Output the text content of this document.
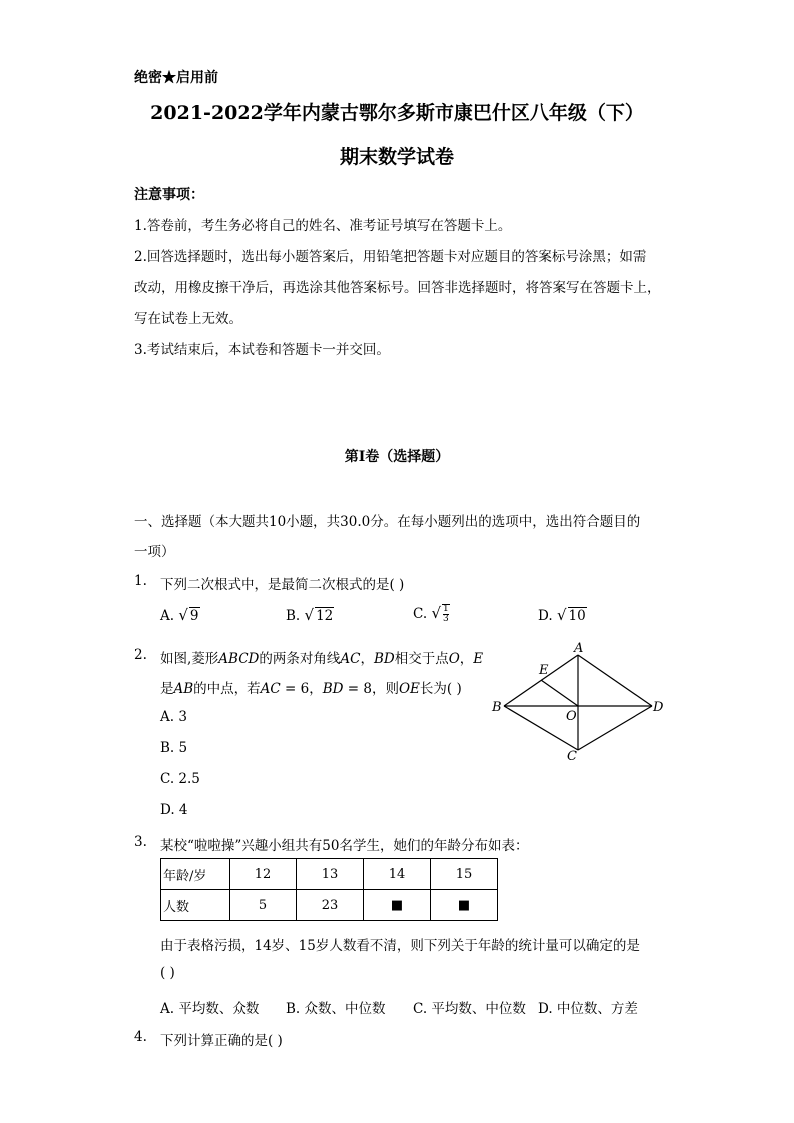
绝密★启用前
2021-2022学年内蒙古鄂尔多斯市康巴什区八年级（下）
期末数学试卷
注意事项：
1.答卷前，考生务必将自己的姓名、准考证号填写在答题卡上。
2.回答选择题时，选出每小题答案后，用铅笔把答题卡对应题目的答案标号涂黑；如需
改动，用橡皮擦干净后，再选涂其他答案标号。回答非选择题时，将答案写在答题卡上，
写在试卷上无效。
3.考试结束后，本试卷和答题卡一并交回。
第I卷（选择题）
一、选择题（本大题共10小题，共30.0分。在每小题列出的选项中，选出符合题目的
一项）
1. 下列二次根式中，是最简二次根式的是( )
A. √ 9	B. √ 12	C. √ $\frac{1}{3}$	D. √ 10
2. 如图,菱形ABCD的两条对角线AC，BD相交于点O，E
是AB的中点，若AC = 6，BD = 8，则OE长为( )
A. 3
B. 5
C. 2.5
D. 4
A
B
C
D
E
O
3. 某校“啦啦操”兴趣小组共有50名学生，她们的年龄分布如表：
年龄/岁	12	13	14	15
人数	5	23	■	■
由于表格污损，14岁、15岁人数看不清，则下列关于年龄的统计量可以确定的是
( )
A. 平均数、众数 B. 众数、中位数 C. 平均数、中位数 D. 中位数、方差
4. 下列计算正确的是( )
